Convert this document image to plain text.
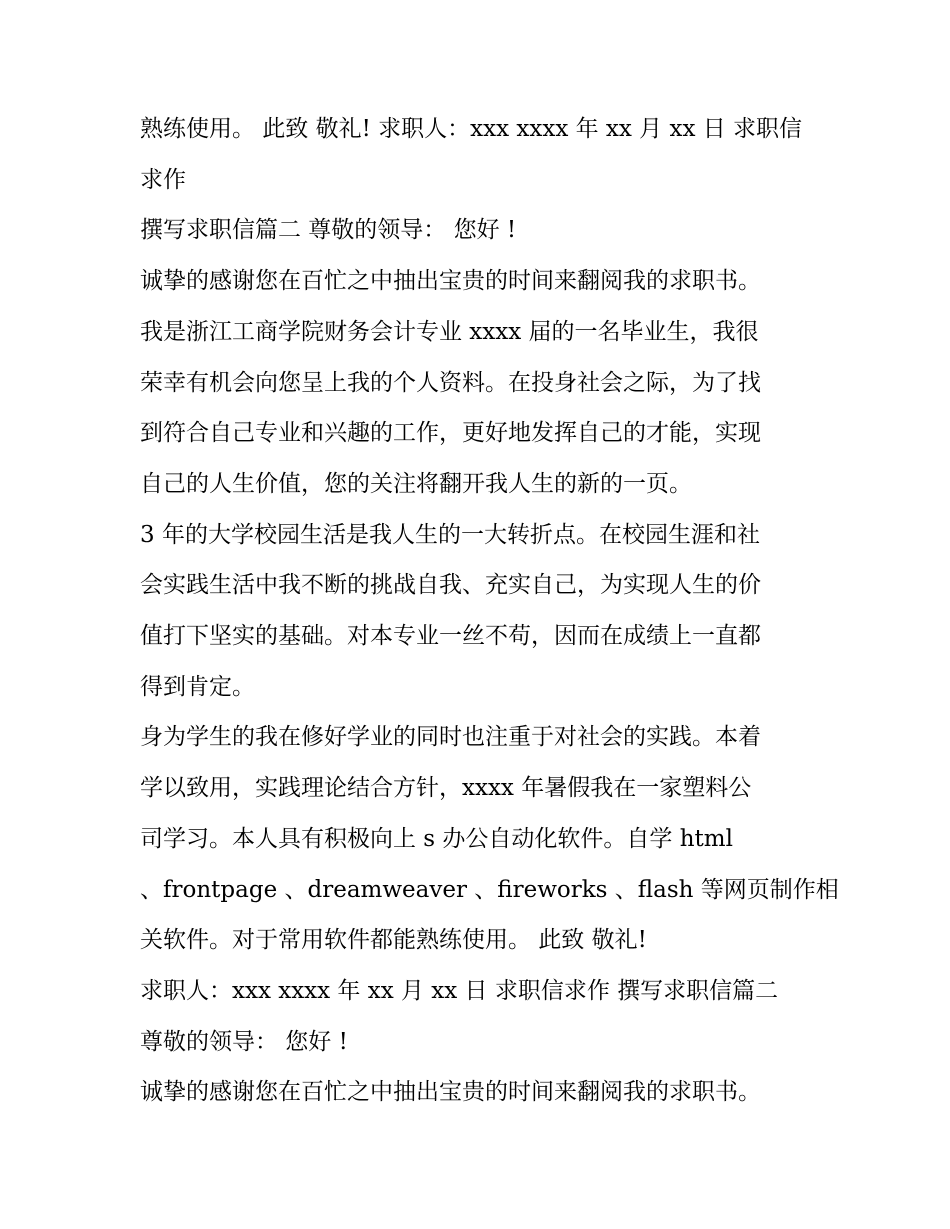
熟练使用。 此致 敬礼! 求职人：xxx xxxx 年 xx 月 xx 日 求职信
求作
撰写求职信篇二 尊敬的领导： 您好 !
诚挚的感谢您在百忙之中抽出宝贵的时间来翻阅我的求职书。
我是浙江工商学院财务会计专业 xxxx 届的一名毕业生，我很
荣幸有机会向您呈上我的个人资料。在投身社会之际，为了找
到符合自己专业和兴趣的工作，更好地发挥自己的才能，实现
自己的人生价值，您的关注将翻开我人生的新的一页。
3 年的大学校园生活是我人生的一大转折点。在校园生涯和社
会实践生活中我不断的挑战自我、充实自己，为实现人生的价
值打下坚实的基础。对本专业一丝不苟，因而在成绩上一直都
得到肯定。
身为学生的我在修好学业的同时也注重于对社会的实践。本着
学以致用，实践理论结合方针，xxxx 年暑假我在一家塑料公
司学习。本人具有积极向上 s 办公自动化软件。自学 html
、frontpage 、dreamweaver 、fireworks 、flash 等网页制作相
关软件。对于常用软件都能熟练使用。 此致 敬礼!
求职人：xxx xxxx 年 xx 月 xx 日 求职信求作 撰写求职信篇二
尊敬的领导： 您好 !
诚挚的感谢您在百忙之中抽出宝贵的时间来翻阅我的求职书。
